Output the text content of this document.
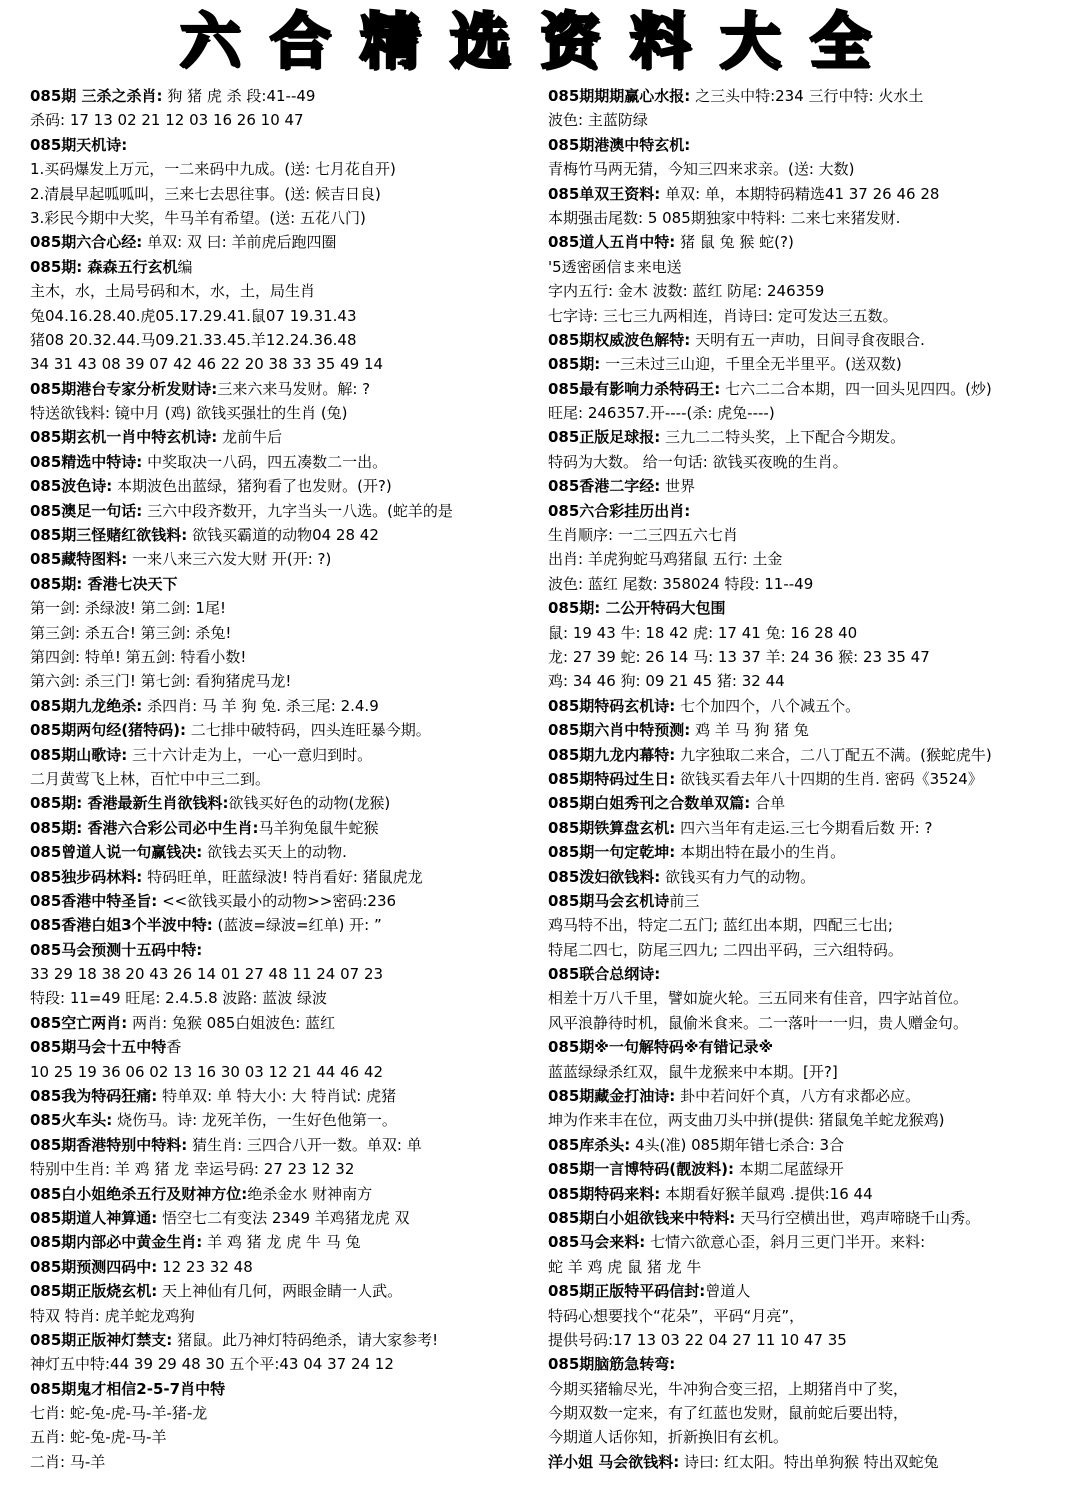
六合精选资料大全
085期 三杀之杀肖: 狗 猪 虎 杀 段:41--49
杀码: 17 13 02 21 12 03 16 26 10 47
085期天机诗:
1.买码爆发上万元，一二来码中九成。(送: 七月花自开)
2.清晨早起呱呱叫，三来七去思往事。(送: 候吉日良)
3.彩民今期中大奖，牛马羊有希望。(送: 五花八门)
085期六合心经: 单双: 双 曰: 羊前虎后跑四圈
085期: 森森五行玄机编
主木，水，土局号码和木，水，土，局生肖
兔04.16.28.40.虎05.17.29.41.鼠07 19.31.43
猪08 20.32.44.马09.21.33.45.羊12.24.36.48
34 31 43 08 39 07 42 46 22 20 38 33 35 49 14
085期港台专家分析发财诗:三来六来马发财。解: ?
特送欲钱料: 镜中月 (鸡) 欲钱买强壮的生肖 (兔)
085期玄机一肖中特玄机诗: 龙前牛后
085精选中特诗: 中奖取决一八码，四五凑数二一出。
085波色诗: 本期波色出蓝绿，猪狗看了也发财。(开?)
085澳足一句话: 三六中段齐数开，九字当头一八选。(蛇羊的是
085期三怪赌红欲钱料: 欲钱买霸道的动物04 28 42
085藏特图料: 一来八来三六发大财 开(开: ?)
085期: 香港七决天下
第一剑: 杀绿波! 第二剑: 1尾!
第三剑: 杀五合! 第三剑: 杀兔!
第四剑: 特单! 第五剑: 特看小数!
第六剑: 杀三门! 第七剑: 看狗猪虎马龙!
085期九龙绝杀: 杀四肖: 马 羊 狗 兔. 杀三尾: 2.4.9
085期两句经(猪特码): 二七排中破特码，四头连旺暴今期。
085期山歌诗: 三十六计走为上，一心一意归到时。
二月黄莺飞上林，百忙中中三二到。
085期: 香港最新生肖欲钱料:欲钱买好色的动物(龙猴)
085期: 香港六合彩公司必中生肖:马羊狗兔鼠牛蛇猴
085曾道人说一句赢钱决: 欲钱去买天上的动物.
085独步码林料: 特码旺单，旺蓝绿波! 特肖看好: 猪鼠虎龙
085香港中特圣旨: <<欲钱买最小的动物>>密码:236
085香港白姐3个半波中特: (蓝波=绿波=红单) 开: ”
085马会预测十五码中特:
33 29 18 38 20 43 26 14 01 27 48 11 24 07 23
特段: 11=49 旺尾: 2.4.5.8 波路: 蓝波 绿波
085空亡两肖: 两肖: 兔猴 085白姐波色: 蓝红
085期马会十五中特香
10 25 19 36 06 02 13 16 30 03 12 21 44 46 42
085我为特码狂痛: 特单双: 单 特大小: 大 特肖试: 虎猪
085火车头: 烧伤马。诗: 龙死羊伤，一生好色他第一。
085期香港特别中特料: 猜生肖: 三四合八开一数。单双: 单
特别中生肖: 羊 鸡 猪 龙 幸运号码: 27 23 12 32
085白小姐绝杀五行及财神方位:绝杀金水 财神南方
085期道人神算通: 悟空七二有变法 2349 羊鸡猪龙虎 双
085期内部必中黄金生肖: 羊 鸡 猪 龙 虎 牛 马 兔
085期预测四码中: 12 23 32 48
085期正版烧玄机: 天上神仙有几何，两眼金睛一人武。
特双 特肖: 虎羊蛇龙鸡狗
085期正版神灯禁支: 猪鼠。此乃神灯特码绝杀，请大家参考!
神灯五中特:44 39 29 48 30 五个平:43 04 37 24 12
085期鬼才相信2-5-7肖中特
七肖: 蛇-兔-虎-马-羊-猪-龙
五肖: 蛇-兔-虎-马-羊
二肖: 马-羊
085期期期赢心水报: 之三头中特:234 三行中特: 火水土
波色: 主蓝防绿
085期港澳中特玄机:
青梅竹马两无猜，今知三四来求亲。(送: 大数)
085单双王资料: 单双: 单，本期特码精选41 37 26 46 28
本期强击尾数: 5 085期独家中特料: 二来七来猪发财.
085道人五肖中特: 猪 鼠 兔 猴 蛇(?)
'5透密函信ま来电送
字内五行: 金木 波数: 蓝红 防尾: 246359
七字诗: 三七三九两相连，肖诗曰: 定可发达三五数。
085期权威波色解特: 天明有五一声叻，日间寻食夜眼合.
085期: 一三未过三山迎，千里全无半里平。(送双数)
085最有影响力杀特码王: 七六二二合本期，四一回头见四四。(炒)
旺尾: 246357.开----(杀: 虎兔----)
085正版足球报: 三九二二特头奖，上下配合今期发。
特码为大数。 给一句话: 欲钱买夜晚的生肖。
085香港二字经: 世界
085六合彩挂历出肖:
生肖顺序: 一二三四五六七肖
出肖: 羊虎狗蛇马鸡猪鼠 五行: 土金
波色: 蓝红 尾数: 358024 特段: 11--49
085期: 二公开特码大包围
鼠: 19 43 牛: 18 42 虎: 17 41 兔: 16 28 40
龙: 27 39 蛇: 26 14 马: 13 37 羊: 24 36 猴: 23 35 47
鸡: 34 46 狗: 09 21 45 猪: 32 44
085期特码玄机诗: 七个加四个，八个减五个。
085期六肖中特预测: 鸡 羊 马 狗 猪 兔
085期九龙内幕特: 九字独取二来合，二八丁配五不满。(猴蛇虎牛)
085期特码过生日: 欲钱买看去年八十四期的生肖. 密码《3524》
085期白姐秀刊之合数单双篇: 合单
085期铁算盘玄机: 四六当年有走运.三七今期看后数 开: ?
085期一句定乾坤: 本期出特在最小的生肖。
085泼妇欲钱料: 欲钱买有力气的动物。
085期马会玄机诗前三
鸡马特不出，特定二五门; 蓝红出本期，四配三七出;
特尾二四七，防尾三四九; 二四出平码，三六组特码。
085联合总纲诗:
相差十万八千里，譬如旋火轮。三五同来有佳音，四字站首位。
风平浪静待时机，鼠偷米食来。二一落叶一一归，贵人赠金句。
085期※一句解特码※有错记录※
蓝蓝绿绿杀红双，鼠牛龙猴来中本期。[开?]
085期藏金打油诗: 卦中若问奸个真，八方有求都必应。
坤为作来丰在位，两支曲刀头中拼(提供: 猪鼠兔羊蛇龙猴鸡)
085库杀头: 4头(准) 085期年错七杀合: 3合
085期一言博特码(靓波料): 本期二尾蓝绿开
085期特码来料: 本期看好猴羊鼠鸡 .提供:16 44
085期白小姐欲钱来中特料: 天马行空横出世，鸡声啼晓千山秀。
085马会来料: 七情六欲意心歪，斜月三更门半开。来料:
蛇 羊 鸡 虎 鼠 猪 龙 牛
085期正版特平码信封:曾道人
特码心想要找个“花朵”，平码“月亮”，
提供号码:17 13 03 22 04 27 11 10 47 35
085期脑筋急转弯:
今期买猪输尽光，牛冲狗合变三招，上期猪肖中了奖，
今期双数一定来，有了红蓝也发财，鼠前蛇后要出特，
今期道人话你知，折新换旧有玄机。
洋小姐 马会欲钱料: 诗曰: 红太阳。特出单狗猴 特出双蛇兔
